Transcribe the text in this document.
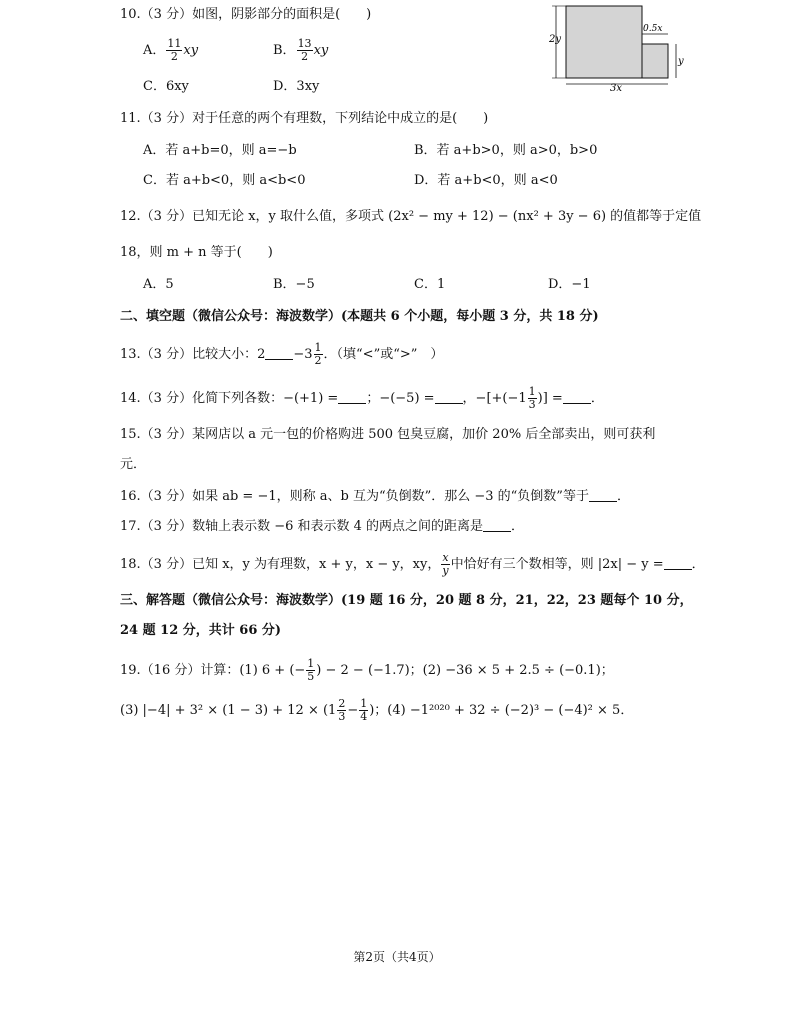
10.（3 分）如图，阴影部分的面积是(　　)
A． $\frac{11}{2}$ xy	B． $\frac{13}{2}$ xy
C．6xy	D．3xy
2y
0.5x
y
3x
11.（3 分）对于任意的两个有理数，下列结论中成立的是(　　)
A．若 a+b=0，则 a=−b	B．若 a+b>0，则 a>0，b>0
C．若 a+b<0，则 a<b<0	D．若 a+b<0，则 a<0
12.（3 分）已知无论 x，y 取什么值，多项式 (2x² − my + 12) − (nx² + 3y − 6) 的值都等于定值
18，则 m + n 等于(　　)
A．5	B．−5	C．1	D．−1
二、填空题（微信公众号：海波数学）(本题共 6 个小题，每小题 3 分，共 18 分)
13.（3 分）比较大小：$2 -3 \frac{1}{2}$ ．（填“<”或“>”　）
14.（3 分）化简下列各数：−(+1) = ；−(−5) = ，$-[+(-1 \frac{1}{3}$ )] = ．
15.（3 分）某网店以 a 元一包的价格购进 500 包臭豆腐，加价 20% 后全部卖出，则可获利
元．
16.（3 分）如果 ab = −1，则称 a、b 互为“负倒数”．那么 −3 的“负倒数”等于 ．
17.（3 分）数轴上表示数 −6 和表示数 4 的两点之间的距离是 ．
18.（3 分）已知 x，y 为有理数，x + y，x − y，xy， $\frac{x}{y}$ 中恰好有三个数相等，则 |2x| − y = ．
三、解答题（微信公众号：海波数学）(19 题 16 分，20 题 8 分，21，22，23 题每个 10 分，
24 题 12 分，共计 66 分)
19.（16 分）计算：(1) 6 + (− $\frac{1}{5}$ ) − 2 − (−1.7)；(2) −36 × 5 + 2.5 ÷ (−0.1)；
(3) $|-4| + 3^2 \times (1 - 3) + 12 \times (1 \frac{2}{3} - \frac{1}{4}$ )；(4) −1²⁰²⁰ + 32 ÷ (−2)³ − (−4)² × 5．
第2页（共4页）
